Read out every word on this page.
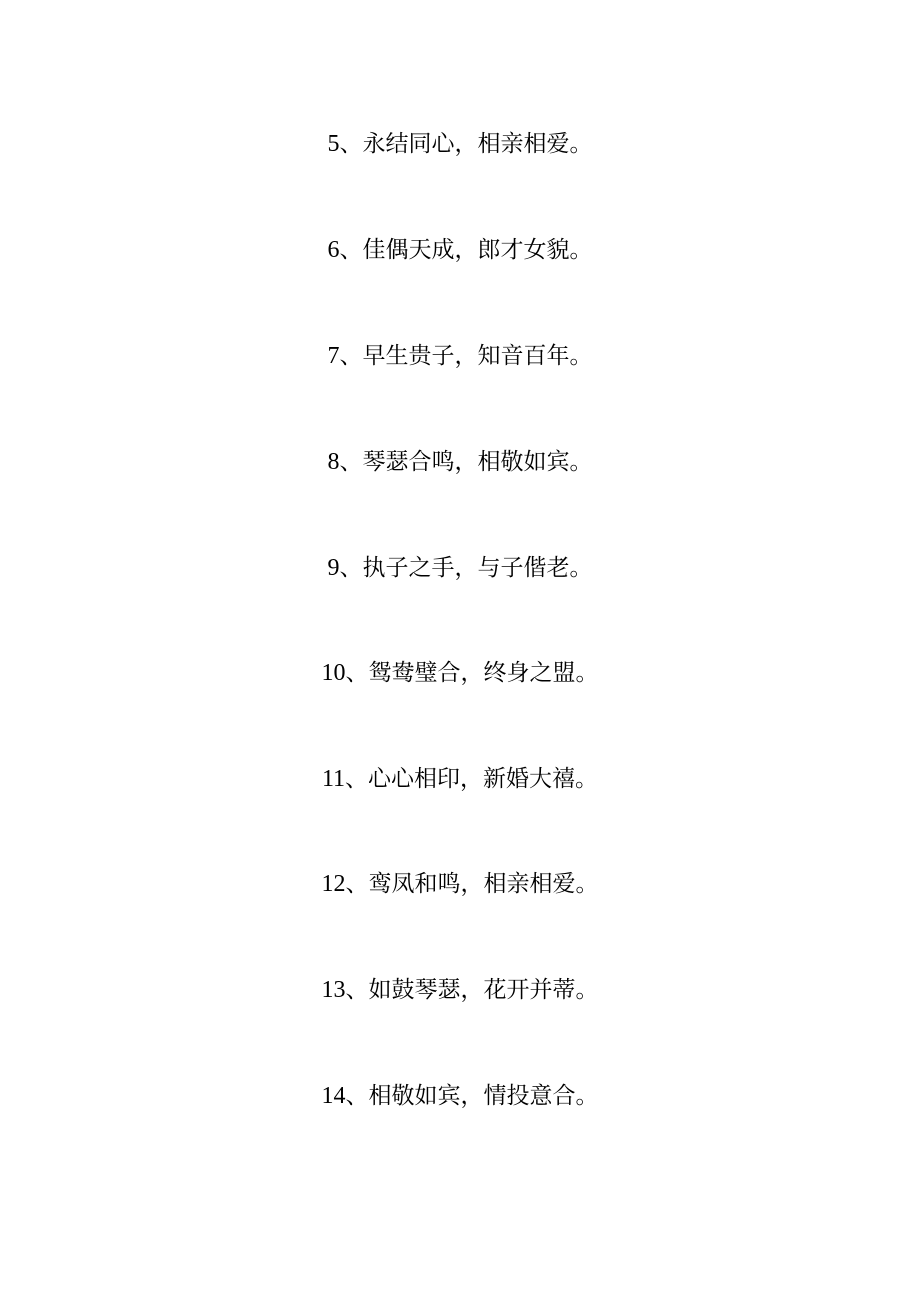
5、永结同心，相亲相爱。
6、佳偶天成，郎才女貌。
7、早生贵子，知音百年。
8、琴瑟合鸣，相敬如宾。
9、执子之手，与子偕老。
10、鸳鸯璧合，终身之盟。
11、心心相印，新婚大禧。
12、鸾凤和鸣，相亲相爱。
13、如鼓琴瑟，花开并蒂。
14、相敬如宾，情投意合。
